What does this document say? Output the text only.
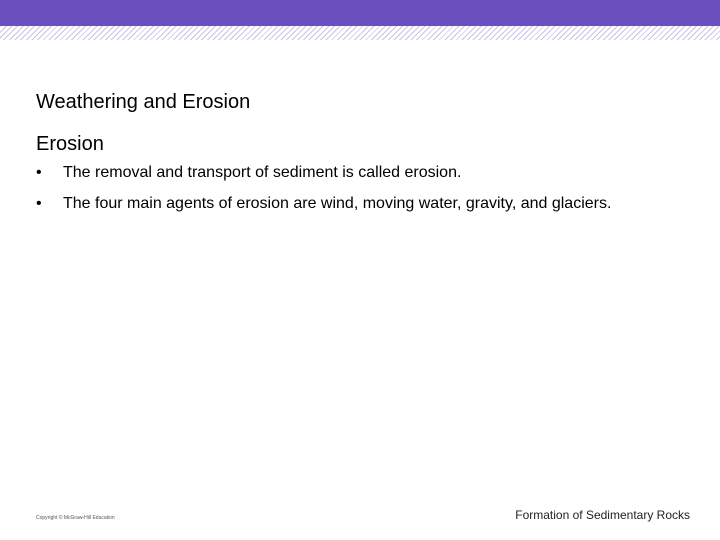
Weathering and Erosion
Erosion
•	The removal and transport of sediment is called erosion.
•	The four main agents of erosion are wind, moving water, gravity, and glaciers.
Copyright © McGraw-Hill Education	Formation of Sedimentary Rocks
